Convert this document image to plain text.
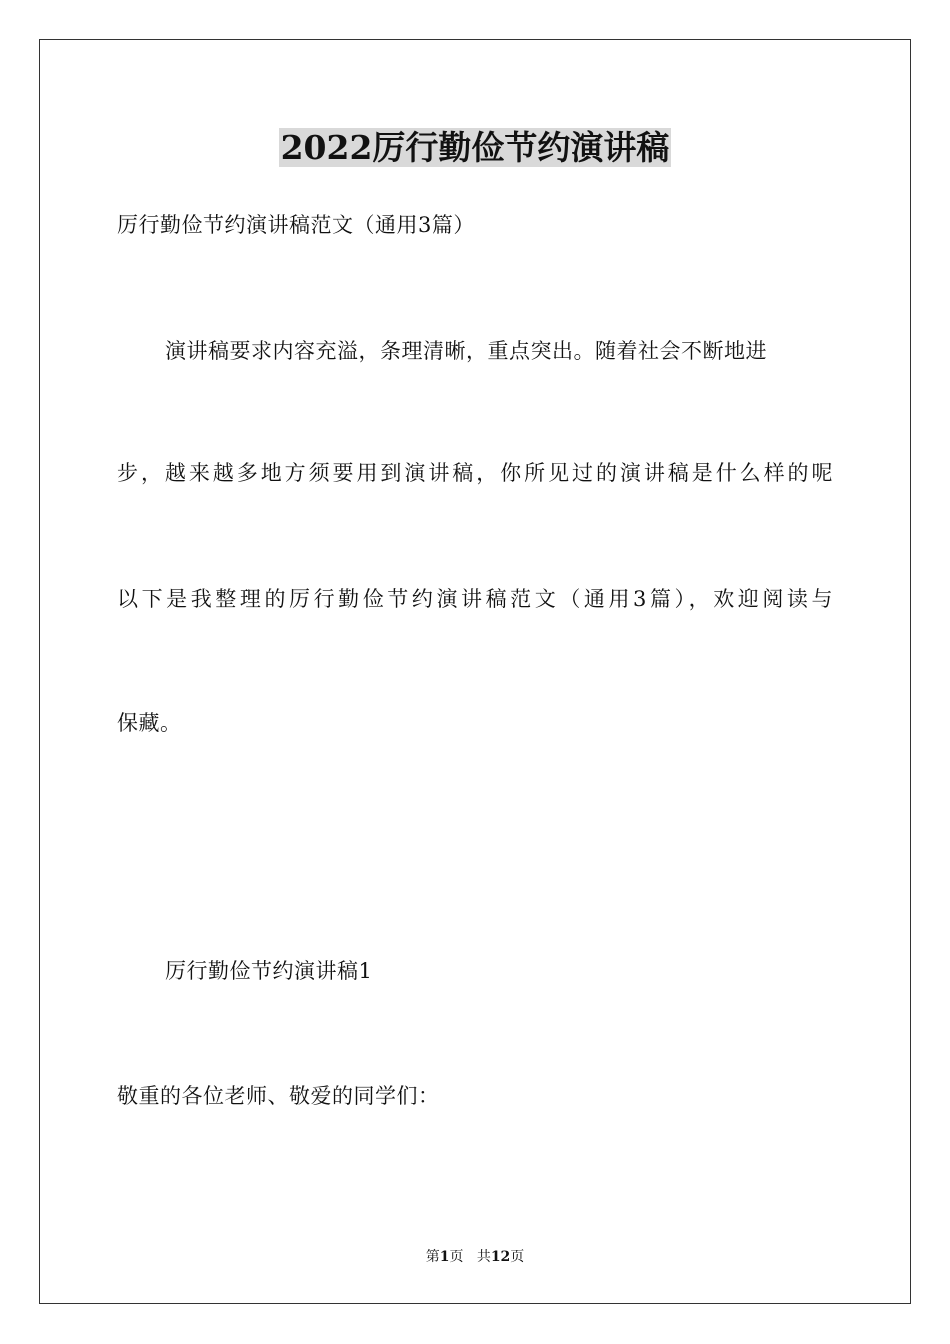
2022厉行勤俭节约演讲稿
厉行勤俭节约演讲稿范文（通用3篇）
演讲稿要求内容充溢，条理清晰，重点突出。随着社会不断地进
步，越来越多地方须要用到演讲稿，你所见过的演讲稿是什么样的呢
以下是我整理的厉行勤俭节约演讲稿范文（通用3篇），欢迎阅读与
保藏。
厉行勤俭节约演讲稿1
敬重的各位老师、敬爱的同学们：
第1页 共12页
